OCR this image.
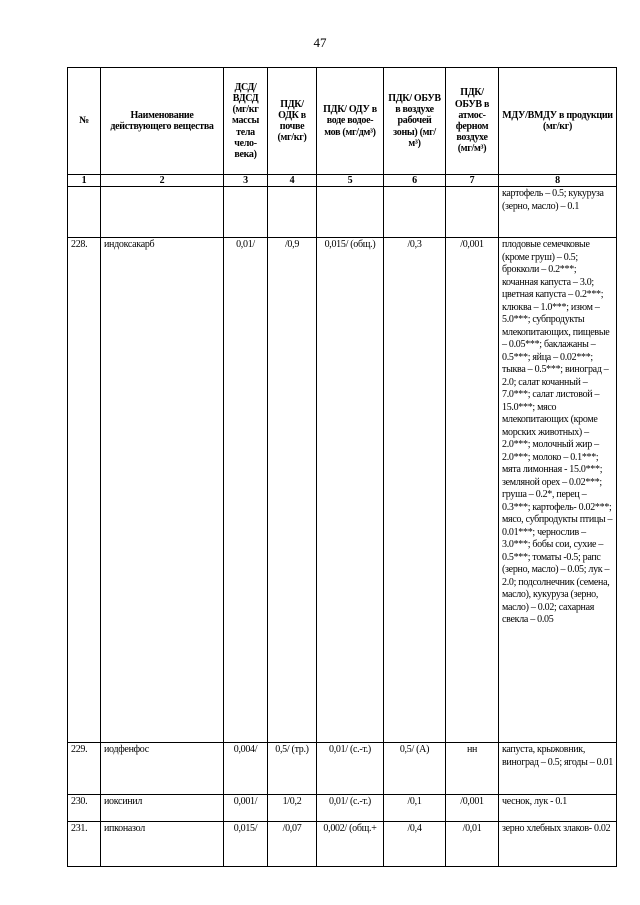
47
№	Наименование действующего вещества	ДСД/ ВДСД (мг/кг массы тела чело-века)	ПДК/ ОДК в почве (мг/кг)	ПДК/ ОДУ в воде водое-мов (мг/дм³)	ПДК/ ОБУВ в воздухе рабочей зоны) (мг/м³)	ПДК/ ОБУВ в атмос-ферном воздухе (мг/м³)	МДУ/ВМДУ в продукции (мг/кг)
1	2	3	4	5	6	7	8
							картофель – 0.5; кукуруза (зерно, масло) – 0.1
228.	индоксакарб	0,01/	/0,9	0,015/ (общ.)	/0,3	/0,001	плодовые семечковые (кроме груш) – 0.5; брокколи – 0.2***; кочанная капуста – 3.0; цветная капуста – 0.2***; клюква – 1.0***; изюм – 5.0***; субпродукты млекопитающих, пищевые – 0.05***; баклажаны – 0.5***; яйца – 0.02***; тыква – 0.5***; виноград – 2.0; салат кочанный – 7.0***; салат листовой – 15.0***; мясо млекопитающих (кроме морских животных) – 2.0***; молочный жир – 2.0***; молоко – 0.1***; мята лимонная - 15.0***; земляной орех – 0.02***; груша – 0.2*, перец – 0.3***; картофель- 0.02***; мясо, субпродукты птицы – 0.01***; чернослив – 3.0***; бобы сои, сухие – 0.5***; томаты -0.5; рапс (зерно, масло) – 0.05; лук – 2.0; подсолнечник (семена, масло), кукуруза (зерно, масло) – 0.02; сахарная свекла – 0.05
229.	иодфенфос	0,004/	0,5/ (тр.)	0,01/ (с.-т.)	0,5/ (А)	нн	капуста, крыжовник, виноград – 0.5; ягоды – 0.01
230.	иоксинил	0,001/	1/0,2	0,01/ (с.-т.)	/0,1	/0,001	чеснок, лук - 0.1
231.	ипконазол	0,015/	/0,07	0,002/ (общ.+	/0,4	/0,01	зерно хлебных злаков- 0.02
